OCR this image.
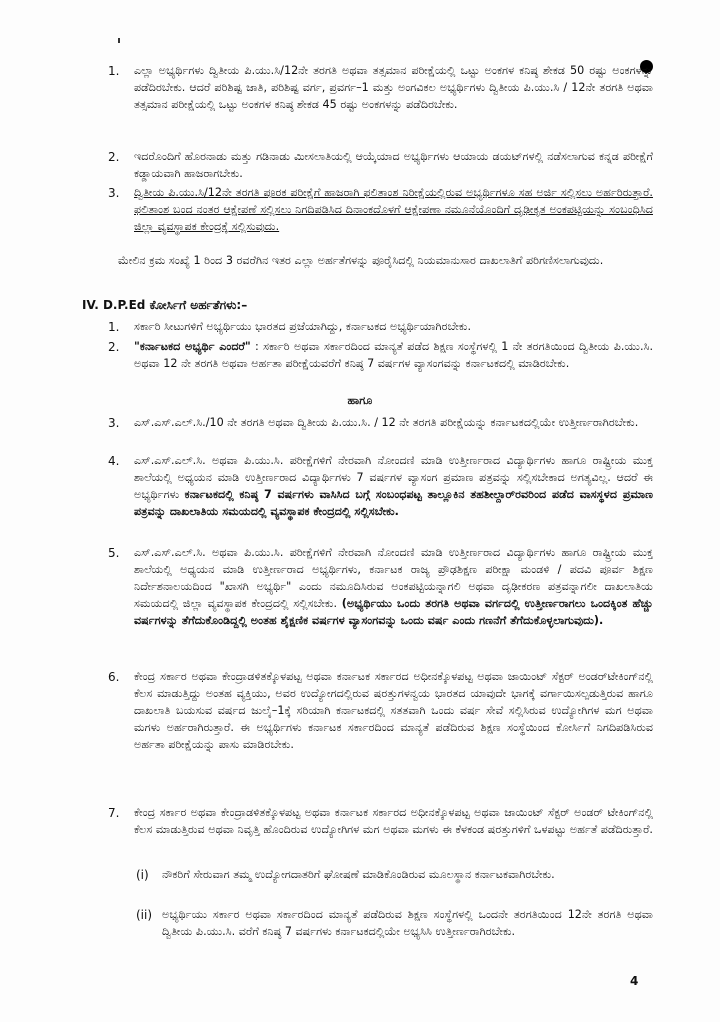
1.	ಎಲ್ಲಾ ಅಭ್ಯರ್ಥಿಗಳು ದ್ವಿತೀಯ ಪಿ.ಯು.ಸಿ/12ನೇ ತರಗತಿ ಅಥವಾ ತತ್ಸಮಾನ ಪರೀಕ್ಷೆಯಲ್ಲಿ ಒಟ್ಟು ಅಂಕಗಳ ಕನಿಷ್ಠ ಶೇಕಡ 50 ರಷ್ಟು ಅಂಕಗಳನ್ನು ಪಡೆದಿರಬೇಕು. ಆದರೆ ಪರಿಶಿಷ್ಟ ಜಾತಿ, ಪರಿಶಿಷ್ಟ ವರ್ಗ, ಪ್ರವರ್ಗ–1 ಮತ್ತು ಅಂಗವಿಕಲ ಅಭ್ಯರ್ಥಿಗಳು ದ್ವಿತೀಯ ಪಿ.ಯು.ಸಿ / 12ನೇ ತರಗತಿ ಅಥವಾ ತತ್ಸಮಾನ ಪರೀಕ್ಷೆಯಲ್ಲಿ ಒಟ್ಟು ಅಂಕಗಳ ಕನಿಷ್ಠ ಶೇಕಡ 45 ರಷ್ಟು ಅಂಕಗಳನ್ನು ಪಡೆದಿರಬೇಕು.
2.	ಇದರೊಂದಿಗೆ ಹೊರನಾಡು ಮತ್ತು ಗಡಿನಾಡು ಮೀಸಲಾತಿಯಲ್ಲಿ ಆಯ್ಕೆಯಾದ ಅಭ್ಯರ್ಥಿಗಳು ಆಯಾಯ ಡಯಟ್‌ಗಳಲ್ಲಿ ನಡೆಸಲಾಗುವ ಕನ್ನಡ ಪರೀಕ್ಷೆಗೆ ಕಡ್ಡಾಯವಾಗಿ ಹಾಜರಾಗಬೇಕು.
3.	ದ್ವಿತೀಯ ಪಿ.ಯು.ಸಿ/12ನೇ ತರಗತಿ ಪೂರಕ ಪರೀಕ್ಷೆಗೆ ಹಾಜರಾಗಿ ಫಲಿತಾಂಶ ನಿರೀಕ್ಷೆಯಲ್ಲಿರುವ ಅಭ್ಯರ್ಥಿಗಳೂ ಸಹ ಅರ್ಜಿ ಸಲ್ಲಿಸಲು ಅರ್ಹರಿರುತ್ತಾರೆ. ಫಲಿತಾಂಶ ಬಂದ ನಂತರ ಆಕ್ಷೇಪಣೆ ಸಲ್ಲಿಸಲು ನಿಗದಿಪಡಿಸಿದ ದಿನಾಂಕದೊಳಗೆ ಆಕ್ಷೇಪಣಾ ನಮೂನೆಯೊಂದಿಗೆ ದೃಢೀಕೃತ ಅಂಕಪಟ್ಟಿಯನ್ನು ಸಂಬಂಧಿಸಿದ ಜಿಲ್ಲಾ ವ್ಯವಸ್ಥಾಪಕ ಕೇಂದ್ರಕ್ಕೆ ಸಲ್ಲಿಸುವುದು.
ಮೇಲಿನ ಕ್ರಮ ಸಂಖ್ಯೆ 1 ರಿಂದ 3 ರವರೆಗಿನ ಇತರ ಎಲ್ಲಾ ಅರ್ಹತೆಗಳನ್ನು ಪೂರೈಸಿದಲ್ಲಿ ನಿಯಮಾನುಸಾರ ದಾಖಲಾತಿಗೆ ಪರಿಗಣಿಸಲಾಗುವುದು.
IV. D.P.Ed ಕೋರ್ಸಿಗೆ ಅರ್ಹತೆಗಳು:–
1.	ಸರ್ಕಾರಿ ಸೀಟುಗಳಿಗೆ ಅಭ್ಯರ್ಥಿಯು ಭಾರತದ ಪ್ರಜೆಯಾಗಿದ್ದು, ಕರ್ನಾಟಕದ ಅಭ್ಯರ್ಥಿಯಾಗಿರಬೇಕು.
2.	"ಕರ್ನಾಟಕದ ಅಭ್ಯರ್ಥಿ ಎಂದರೆ" : ಸರ್ಕಾರಿ ಅಥವಾ ಸರ್ಕಾರದಿಂದ ಮಾನ್ಯತೆ ಪಡೆದ ಶಿಕ್ಷಣ ಸಂಸ್ಥೆಗಳಲ್ಲಿ 1 ನೇ ತರಗತಿಯಿಂದ ದ್ವಿತೀಯ ಪಿ.ಯು.ಸಿ. ಅಥವಾ 12 ನೇ ತರಗತಿ ಅಥವಾ ಅರ್ಹತಾ ಪರೀಕ್ಷೆಯವರೆಗೆ ಕನಿಷ್ಠ 7 ವರ್ಷಗಳ ವ್ಯಾಸಂಗವನ್ನು ಕರ್ನಾಟಕದಲ್ಲಿ ಮಾಡಿರಬೇಕು.
ಹಾಗೂ
3.	ಎಸ್.ಎಸ್.ಎಲ್.ಸಿ./10 ನೇ ತರಗತಿ ಅಥವಾ ದ್ವಿತೀಯ ಪಿ.ಯು.ಸಿ. / 12 ನೇ ತರಗತಿ ಪರೀಕ್ಷೆಯನ್ನು ಕರ್ನಾಟಕದಲ್ಲಿಯೇ ಉತ್ತೀರ್ಣರಾಗಿರಬೇಕು.
4.	ಎಸ್.ಎಸ್.ಎಲ್.ಸಿ. ಅಥವಾ ಪಿ.ಯು.ಸಿ. ಪರೀಕ್ಷೆಗಳಿಗೆ ನೇರವಾಗಿ ನೋಂದಣಿ ಮಾಡಿ ಉತ್ತೀರ್ಣರಾದ ವಿದ್ಯಾರ್ಥಿಗಳು ಹಾಗೂ ರಾಷ್ಟ್ರೀಯ ಮುಕ್ತ ಶಾಲೆಯಲ್ಲಿ ಅಧ್ಯಯನ ಮಾಡಿ ಉತ್ತೀರ್ಣರಾದ ವಿದ್ಯಾರ್ಥಿಗಳು 7 ವರ್ಷಗಳ ವ್ಯಾಸಂಗ ಪ್ರಮಾಣ ಪತ್ರವನ್ನು ಸಲ್ಲಿಸಬೇಕಾದ ಅಗತ್ಯವಿಲ್ಲ. ಆದರೆ ಈ ಅಭ್ಯರ್ಥಿಗಳು ಕರ್ನಾಟಕದಲ್ಲಿ ಕನಿಷ್ಠ 7 ವರ್ಷಗಳು ವಾಸಿಸಿದ ಬಗ್ಗೆ ಸಂಬಂಧಪಟ್ಟ ತಾಲ್ಲೂಕಿನ ತಹಶೀಲ್ದಾರ್‌ರವರಿಂದ ಪಡೆದ ವಾಸಸ್ಥಳದ ಪ್ರಮಾಣ ಪತ್ರವನ್ನು ದಾಖಲಾತಿಯ ಸಮಯದಲ್ಲಿ ವ್ಯವಸ್ಥಾಪಕ ಕೇಂದ್ರದಲ್ಲಿ ಸಲ್ಲಿಸಬೇಕು.
5.	ಎಸ್.ಎಸ್.ಎಲ್.ಸಿ. ಅಥವಾ ಪಿ.ಯು.ಸಿ. ಪರೀಕ್ಷೆಗಳಿಗೆ ನೇರವಾಗಿ ನೋಂದಣಿ ಮಾಡಿ ಉತ್ತೀರ್ಣರಾದ ವಿದ್ಯಾರ್ಥಿಗಳು ಹಾಗೂ ರಾಷ್ಟ್ರೀಯ ಮುಕ್ತ ಶಾಲೆಯಲ್ಲಿ ಅಧ್ಯಯನ ಮಾಡಿ ಉತ್ತೀರ್ಣರಾದ ಅಭ್ಯರ್ಥಿಗಳು, ಕರ್ನಾಟಕ ರಾಜ್ಯ ಪ್ರೌಢಶಿಕ್ಷಣ ಪರೀಕ್ಷಾ ಮಂಡಳಿ / ಪದವಿ ಪೂರ್ವ ಶಿಕ್ಷಣ ನಿರ್ದೇಶನಾಲಯದಿಂದ "ಖಾಸಗಿ ಅಭ್ಯರ್ಥಿ" ಎಂದು ನಮೂದಿಸಿರುವ ಅಂಕಪಟ್ಟಿಯನ್ನಾಗಲಿ ಅಥವಾ ದೃಢೀಕರಣ ಪತ್ರವನ್ನಾಗಲೀ ದಾಖಲಾತಿಯ ಸಮಯದಲ್ಲಿ ಜಿಲ್ಲಾ ವ್ಯವಸ್ಥಾಪಕ ಕೇಂದ್ರದಲ್ಲಿ ಸಲ್ಲಿಸಬೇಕು. (ಅಭ್ಯರ್ಥಿಯು ಒಂದು ತರಗತಿ ಅಥವಾ ವರ್ಗದಲ್ಲಿ ಉತ್ತೀರ್ಣರಾಗಲು ಒಂದಕ್ಕಿಂತ ಹೆಚ್ಚು ವರ್ಷಗಳನ್ನು ತೆಗೆದುಕೊಂಡಿದ್ದಲ್ಲಿ ಅಂತಹ ಶೈಕ್ಷಣಿಕ ವರ್ಷಗಳ ವ್ಯಾಸಂಗವನ್ನು ಒಂದು ವರ್ಷ ಎಂದು ಗಣನೆಗೆ ತೆಗೆದುಕೊಳ್ಳಲಾಗುವುದು).
6.	ಕೇಂದ್ರ ಸರ್ಕಾರ ಅಥವಾ ಕೇಂದ್ರಾಡಳಿತಕ್ಕೊಳಪಟ್ಟ ಅಥವಾ ಕರ್ನಾಟಕ ಸರ್ಕಾರದ ಅಧೀನಕ್ಕೊಳಪಟ್ಟ ಅಥವಾ ಜಾಯಿಂಟ್ ಸೆಕ್ಟರ್ ಅಂಡರ್‌ಟೇಕಿಂಗ್‌ನಲ್ಲಿ ಕೆಲಸ ಮಾಡುತ್ತಿದ್ದು ಅಂತಹ ವ್ಯಕ್ತಿಯು, ಅವರ ಉದ್ಯೋಗದಲ್ಲಿರುವ ಷರತ್ತುಗಳನ್ವಯ ಭಾರತದ ಯಾವುದೇ ಭಾಗಕ್ಕೆ ವರ್ಗಾಯಿಸಲ್ಪಡುತ್ತಿರುವ ಹಾಗೂ ದಾಖಲಾತಿ ಬಯಸುವ ವರ್ಷದ ಜುಲೈ–1ಕ್ಕೆ ಸರಿಯಾಗಿ ಕರ್ನಾಟಕದಲ್ಲಿ ಸತತವಾಗಿ ಒಂದು ವರ್ಷ ಸೇವೆ ಸಲ್ಲಿಸಿರುವ ಉದ್ಯೋಗಿಗಳ ಮಗ ಅಥವಾ ಮಗಳು ಅರ್ಹರಾಗಿರುತ್ತಾರೆ. ಈ ಅಭ್ಯರ್ಥಿಗಳು ಕರ್ನಾಟಕ ಸರ್ಕಾರದಿಂದ ಮಾನ್ಯತೆ ಪಡೆದಿರುವ ಶಿಕ್ಷಣ ಸಂಸ್ಥೆಯಿಂದ ಕೋರ್ಸಿಗೆ ನಿಗದಿಪಡಿಸಿರುವ ಅರ್ಹತಾ ಪರೀಕ್ಷೆಯನ್ನು ಪಾಸು ಮಾಡಿರಬೇಕು.
7.	ಕೇಂದ್ರ ಸರ್ಕಾರ ಅಥವಾ ಕೇಂದ್ರಾಡಳಿತಕ್ಕೊಳಪಟ್ಟ ಅಥವಾ ಕರ್ನಾಟಕ ಸರ್ಕಾರದ ಅಧೀನಕ್ಕೊಳಪಟ್ಟ ಅಥವಾ ಜಾಯಿಂಟ್ ಸೆಕ್ಟರ್ ಅಂಡರ್ ಟೇಕಿಂಗ್‌ನಲ್ಲಿ ಕೆಲಸ ಮಾಡುತ್ತಿರುವ ಅಥವಾ ನಿವೃತ್ತಿ ಹೊಂದಿರುವ ಉದ್ಯೋಗಿಗಳ ಮಗ ಅಥವಾ ಮಗಳು ಈ ಕೆಳಕಂಡ ಷರತ್ತುಗಳಿಗೆ ಒಳಪಟ್ಟು ಅರ್ಹತೆ ಪಡೆದಿರುತ್ತಾರೆ.
(i)	ನೌಕರಿಗೆ ಸೇರುವಾಗ ತಮ್ಮ ಉದ್ಯೋಗದಾತರಿಗೆ ಘೋಷಣೆ ಮಾಡಿಕೊಂಡಿರುವ ಮೂಲಸ್ಥಾನ ಕರ್ನಾಟಕವಾಗಿರಬೇಕು.
(ii) ಅಭ್ಯರ್ಥಿಯು ಸರ್ಕಾರ ಅಥವಾ ಸರ್ಕಾರದಿಂದ ಮಾನ್ಯತೆ ಪಡೆದಿರುವ ಶಿಕ್ಷಣ ಸಂಸ್ಥೆಗಳಲ್ಲಿ ಒಂದನೇ ತರಗತಿಯಿಂದ 12ನೇ ತರಗತಿ ಅಥವಾ ದ್ವಿತೀಯ ಪಿ.ಯು.ಸಿ. ವರೆಗೆ ಕನಿಷ್ಠ 7 ವರ್ಷಗಳು ಕರ್ನಾಟಕದಲ್ಲಿಯೇ ಅಭ್ಯಸಿಸಿ ಉತ್ತೀರ್ಣರಾಗಿರಬೇಕು.
4
